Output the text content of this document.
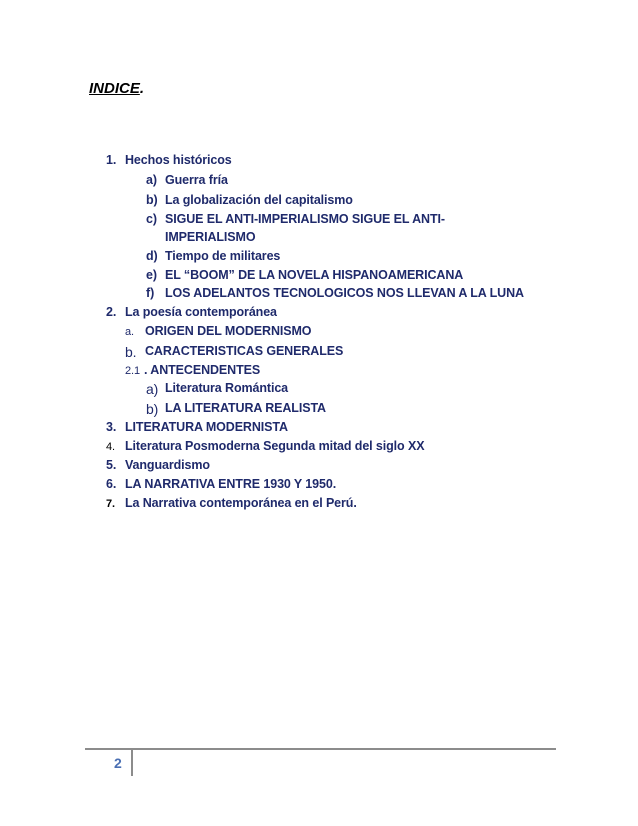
INDICE.
1. Hechos históricos
a) Guerra fría
b) La globalización del capitalismo
c) SIGUE EL ANTI-IMPERIALISMO SIGUE EL ANTI-
IMPERIALISMO
d) Tiempo de militares
e) EL “BOOM” DE LA NOVELA HISPANOAMERICANA
f) LOS ADELANTOS TECNOLOGICOS NOS LLEVAN A LA LUNA
2. La poesía contemporánea
a. ORIGEN DEL MODERNISMO
b. CARACTERISTICAS GENERALES
2.1 . ANTECENDENTES
a) Literatura Romántica
b) LA LITERATURA REALISTA
3. LITERATURA MODERNISTA
4. Literatura Posmoderna Segunda mitad del siglo XX
5. Vanguardismo
6. LA NARRATIVA ENTRE 1930 Y 1950.
7. La Narrativa contemporánea en el Perú.
2
